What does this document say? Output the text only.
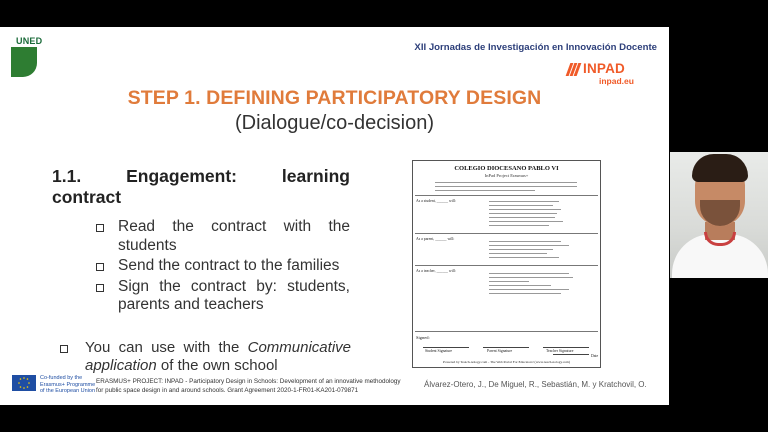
UNED
XII Jornadas de Investigación en Innovación Docente
INPAD
inpad.eu
STEP 1. DEFINING PARTICIPATORY DESIGN
(Dialogue/co-decision)
1.1.	Engagement:	learning
contract
Read the contract with the students
Send the contract to the families
Sign the contract by: students, parents and teachers
You can use with the Communicative application of the own school
COLEGIO DIOCESANO PABLO VI
InPad Project Erasmus+
As a student, ______ will:
As a parent, ______ will:
As a teacher, ______ will:
Signed:
Student Signature	Parent Signature	Teacher Signature
Date
Powered by TeAch-nology.com - The Web Portal For Educators! (www.teach-nology.com)
Co-funded by the Erasmus+ Programme of the European Union
ERASMUS+ PROJECT: INPAD - Participatory Design in Schools: Development of an innovative methodology for public space design in and around schools. Grant Agreement 2020-1-FR01-KA201-079871
Álvarez-Otero, J., De Miguel, R., Sebastián, M. y Kratchovil, O.
